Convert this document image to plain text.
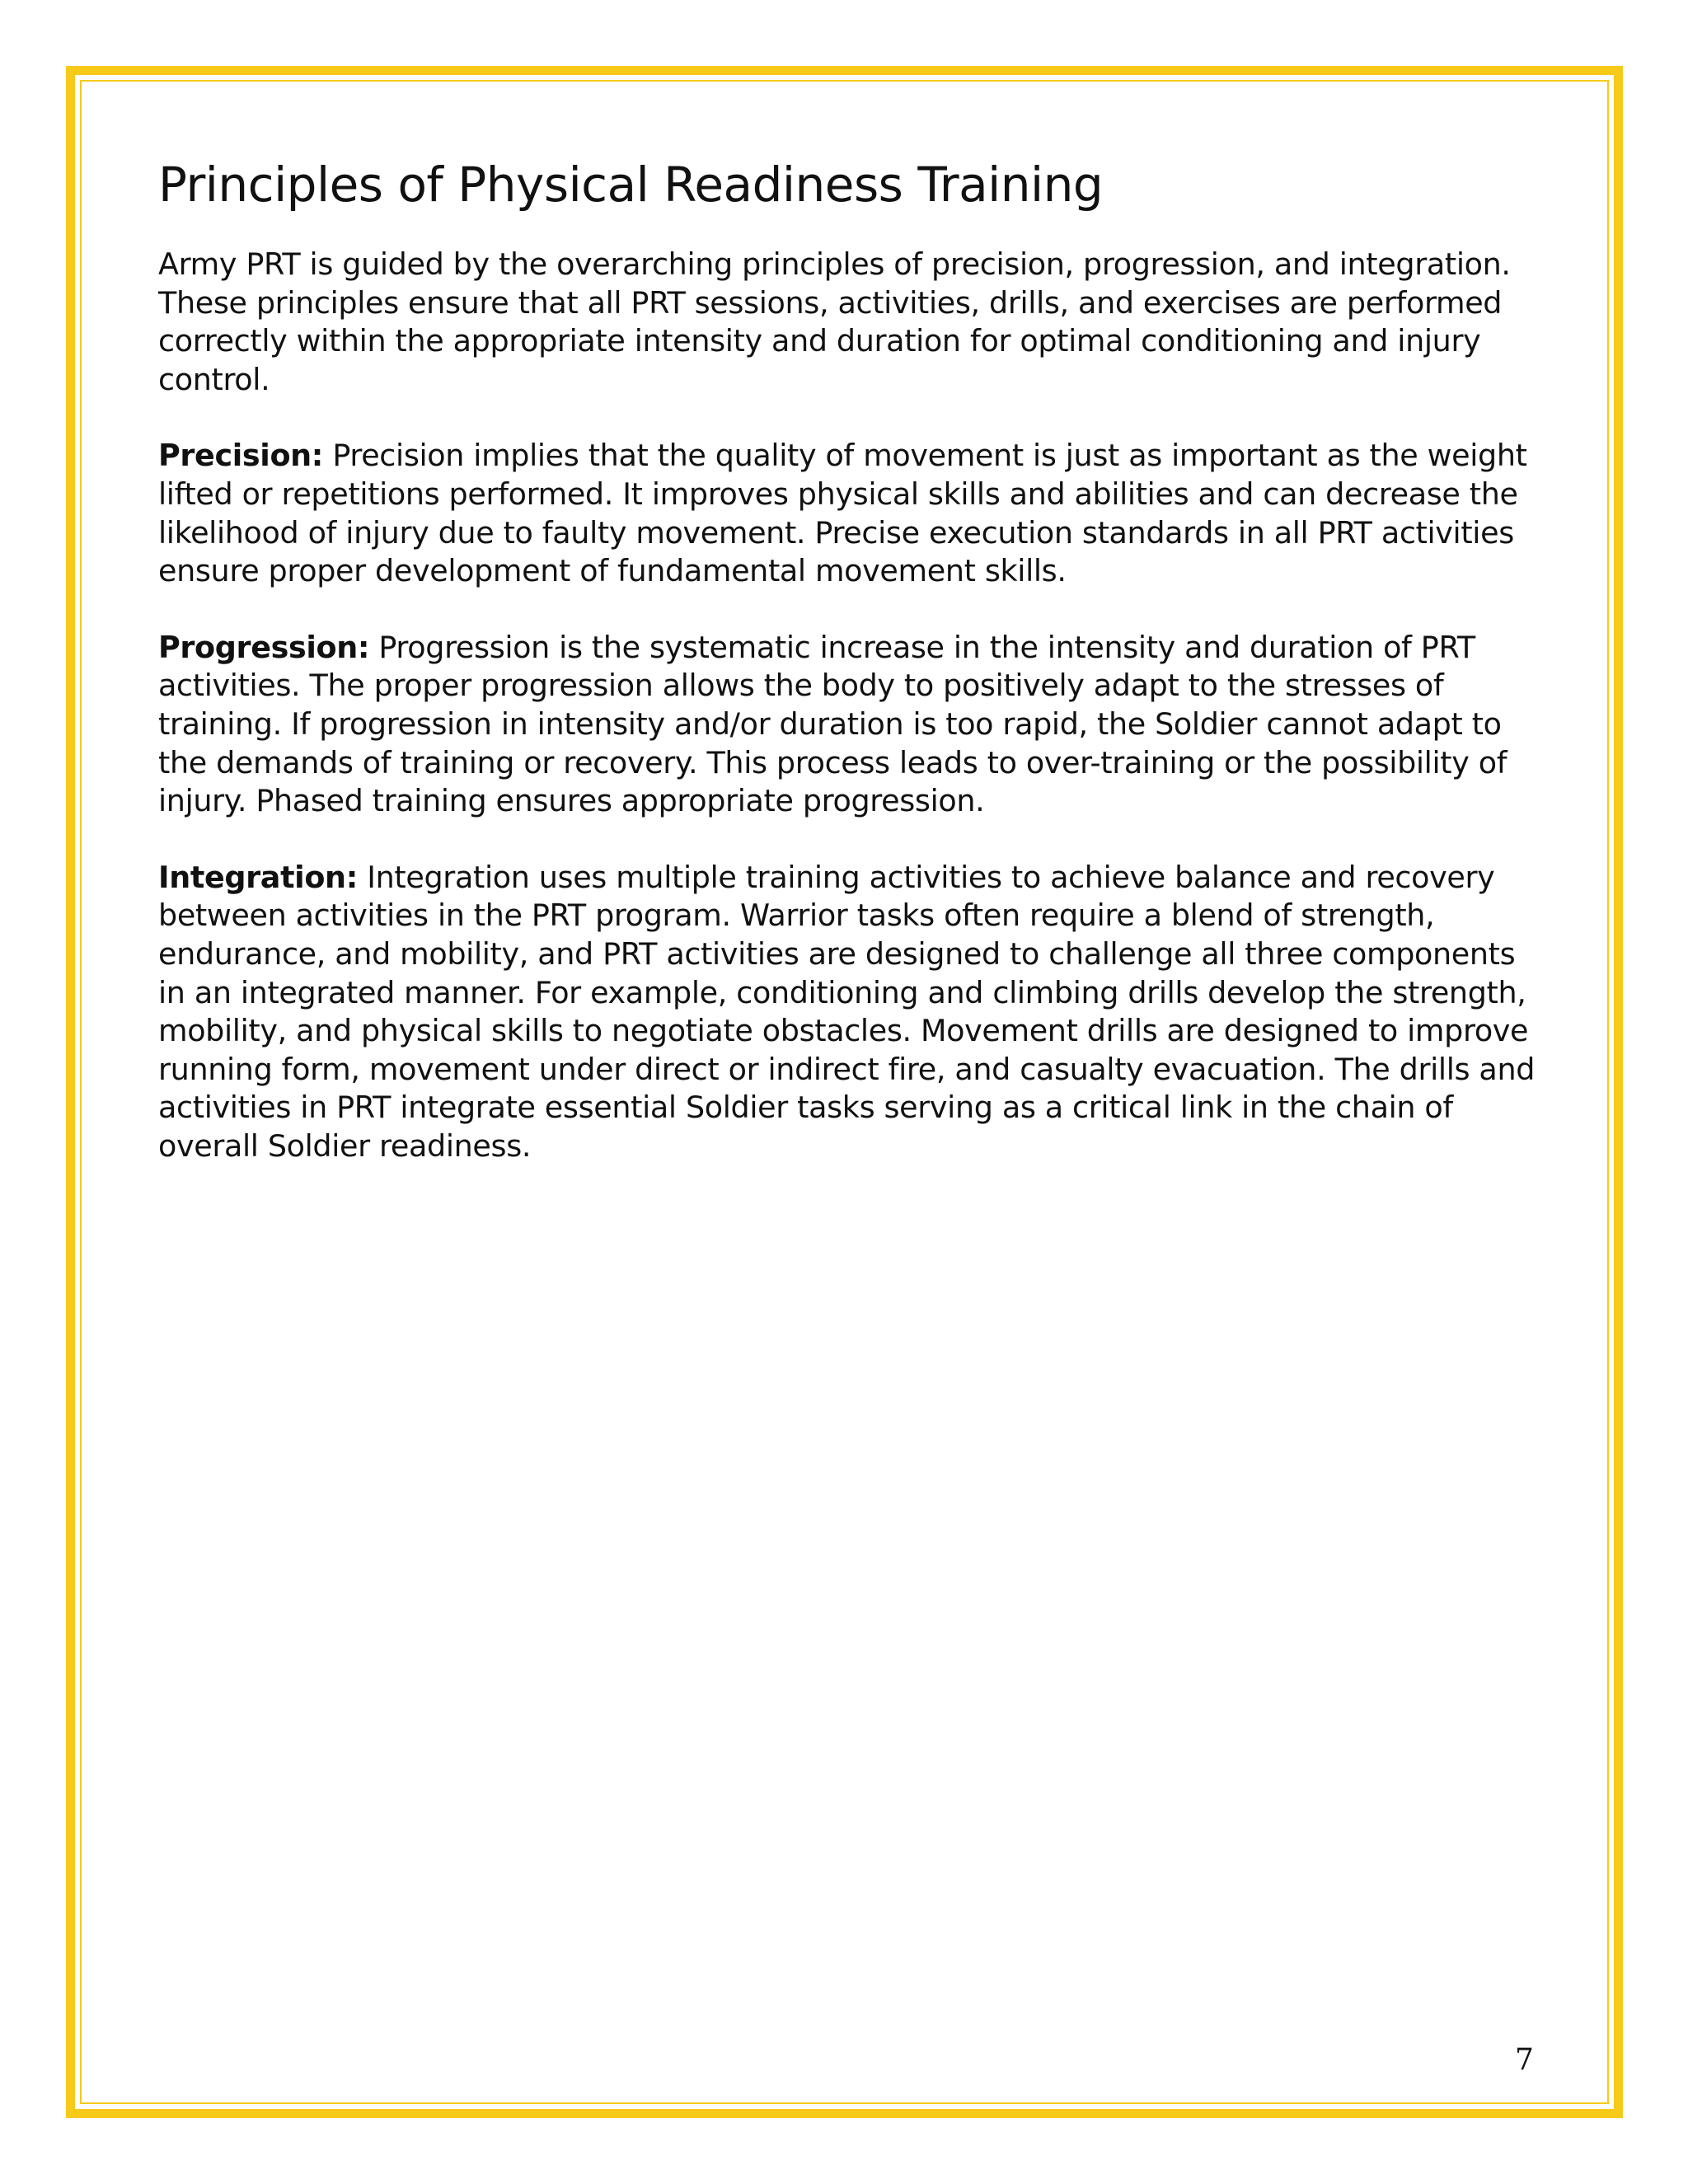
Principles of Physical Readiness Training

Army PRT is guided by the overarching principles of precision, progression, and integration. These principles ensure that all PRT sessions, activities, drills, and exercises are performed correctly within the appropriate intensity and duration for optimal conditioning and injury control.

Precision: Precision implies that the quality of movement is just as important as the weight lifted or repetitions performed. It improves physical skills and abilities and can decrease the likelihood of injury due to faulty movement. Precise execution standards in all PRT activities ensure proper development of fundamental movement skills.

Progression: Progression is the systematic increase in the intensity and duration of PRT activities. The proper progression allows the body to positively adapt to the stresses of training. If progression in intensity and/or duration is too rapid, the Soldier cannot adapt to the demands of training or recovery. This process leads to over-training or the possibility of injury. Phased training ensures appropriate progression.

Integration: Integration uses multiple training activities to achieve balance and recovery between activities in the PRT program. Warrior tasks often require a blend of strength, endurance, and mobility, and PRT activities are designed to challenge all three components in an integrated manner. For example, conditioning and climbing drills develop the strength, mobility, and physical skills to negotiate obstacles. Movement drills are designed to improve running form, movement under direct or indirect fire, and casualty evacuation. The drills and activities in PRT integrate essential Soldier tasks serving as a critical link in the chain of overall Soldier readiness.

7
